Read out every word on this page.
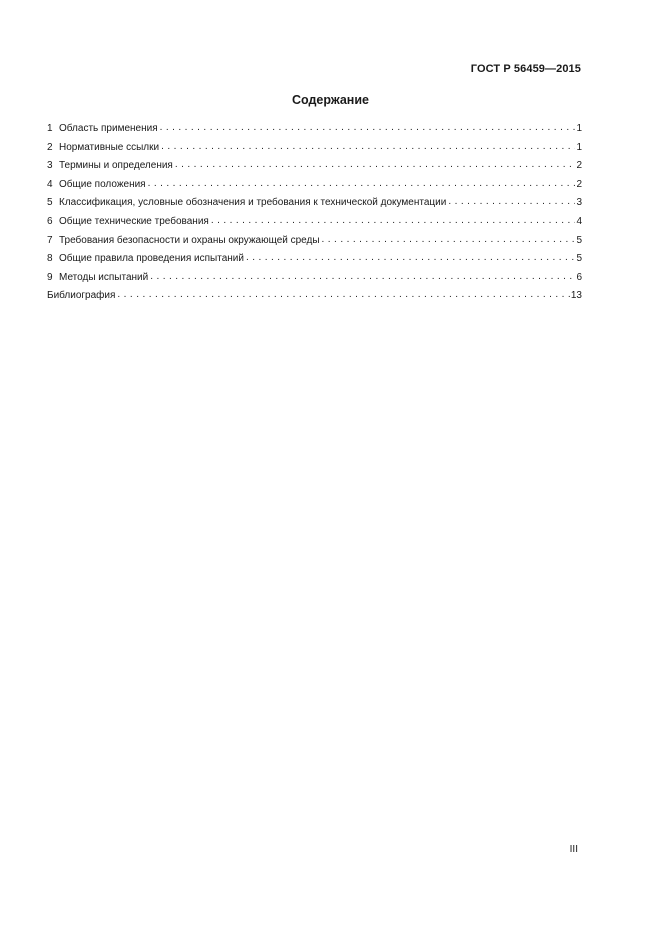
ГОСТ Р 56459—2015
Содержание
1 Область применения . . .	1
2 Нормативные ссылки . . .	1
3 Термины и определения . . .	2
4 Общие положения . . .	2
5 Классификация, условные обозначения и требования к технической документации . . .	3
6 Общие технические требования . . .	4
7 Требования безопасности и охраны окружающей среды . . .	5
8 Общие правила проведения испытаний . . .	5
9 Методы испытаний . . .	6
Библиография . . .	13
III
